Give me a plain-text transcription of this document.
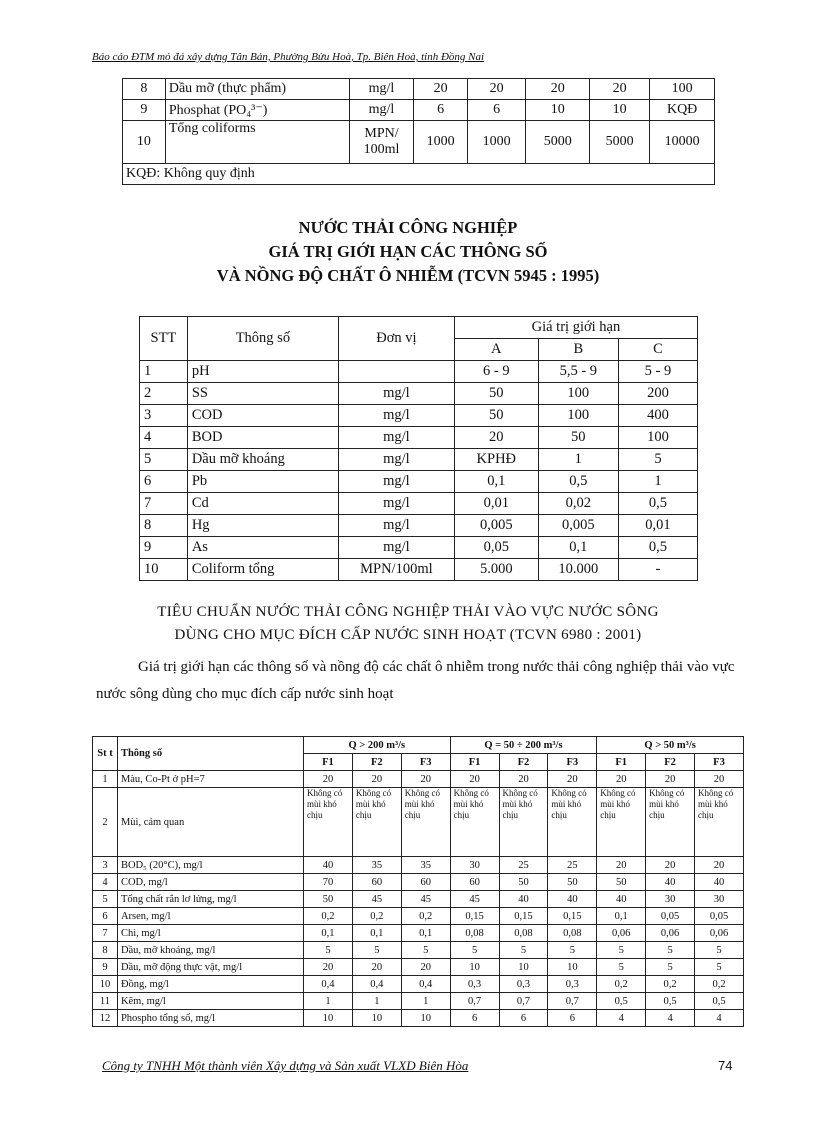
Báo cáo ĐTM mỏ đá xây dựng Tân Bản, Phường Bửu Hoà, Tp. Biên Hoà, tỉnh Đồng Nai
8	Dầu mỡ (thực phẩm)	mg/l	20	20	20	20	100
9	Phosphat (PO₄³⁻)	mg/l	6	6	10	10	KQĐ
10	Tổng coliforms	MPN/ 100ml	1000	1000	5000	5000	10000
KQĐ: Không quy định							
NƯỚC THẢI CÔNG NGHIỆP
GIÁ TRỊ GIỚI HẠN CÁC THÔNG SỐ
VÀ NỒNG ĐỘ CHẤT Ô NHIỄM (TCVN 5945 : 1995)
STT	Thông số	Đơn vị	Giá trị giới hạn		
			A	B	C
1	pH		6 - 9	5,5 - 9	5 - 9
2	SS	mg/l	50	100	200
3	COD	mg/l	50	100	400
4	BOD	mg/l	20	50	100
5	Dầu mỡ khoáng	mg/l	KPHĐ	1	5
6	Pb	mg/l	0,1	0,5	1
7	Cd	mg/l	0,01	0,02	0,5
8	Hg	mg/l	0,005	0,005	0,01
9	As	mg/l	0,05	0,1	0,5
10	Coliform tổng	MPN/100ml	5.000	10.000	-
TIÊU CHUẨN NƯỚC THẢI CÔNG NGHIỆP THẢI VÀO VỰC NƯỚC SÔNG
DÙNG CHO MỤC ĐÍCH CẤP NƯỚC SINH HOẠT (TCVN 6980 : 2001)
Giá trị giới hạn các thông số và nồng độ các chất ô nhiễm trong nước thải công nghiệp thải vào vực nước sông dùng cho mục đích cấp nước sinh hoạt
St t	Thông số	Q > 200 m³/s			Q = 50 ÷ 200 m³/s			Q > 50 m³/s		
		F1	F2	F3	F1	F2	F3	F1	F2	F3
1	Màu, Co-Pt ở pH=7	20	20	20	20	20	20	20	20	20
2	Mùi, cảm quan	Không có mùi khó chịu	Không có mùi khó chịu	Không có mùi khó chịu	Không có mùi khó chịu	Không có mùi khó chịu	Không có mùi khó chịu	Không có mùi khó chịu	Không có mùi khó chịu	Không có mùi khó chịu
3	BOD₅ (20°C), mg/l	40	35	35	30	25	25	20	20	20
4	COD, mg/l	70	60	60	60	50	50	50	40	40
5	Tổng chất rắn lơ lửng, mg/l	50	45	45	45	40	40	40	30	30
6	Arsen, mg/l	0,2	0,2	0,2	0,15	0,15	0,15	0,1	0,05	0,05
7	Chì, mg/l	0,1	0,1	0,1	0,08	0,08	0,08	0,06	0,06	0,06
8	Dầu, mỡ khoáng, mg/l	5	5	5	5	5	5	5	5	5
9	Dầu, mỡ động thực vật, mg/l	20	20	20	10	10	10	5	5	5
10	Đồng, mg/l	0,4	0,4	0,4	0,3	0,3	0,3	0,2	0,2	0,2
11	Kẽm, mg/l	1	1	1	0,7	0,7	0,7	0,5	0,5	0,5
12	Phospho tổng số, mg/l	10	10	10	6	6	6	4	4	4
Công ty TNHH Một thành viên Xây dựng và Sản xuất VLXD Biên Hòa	74
